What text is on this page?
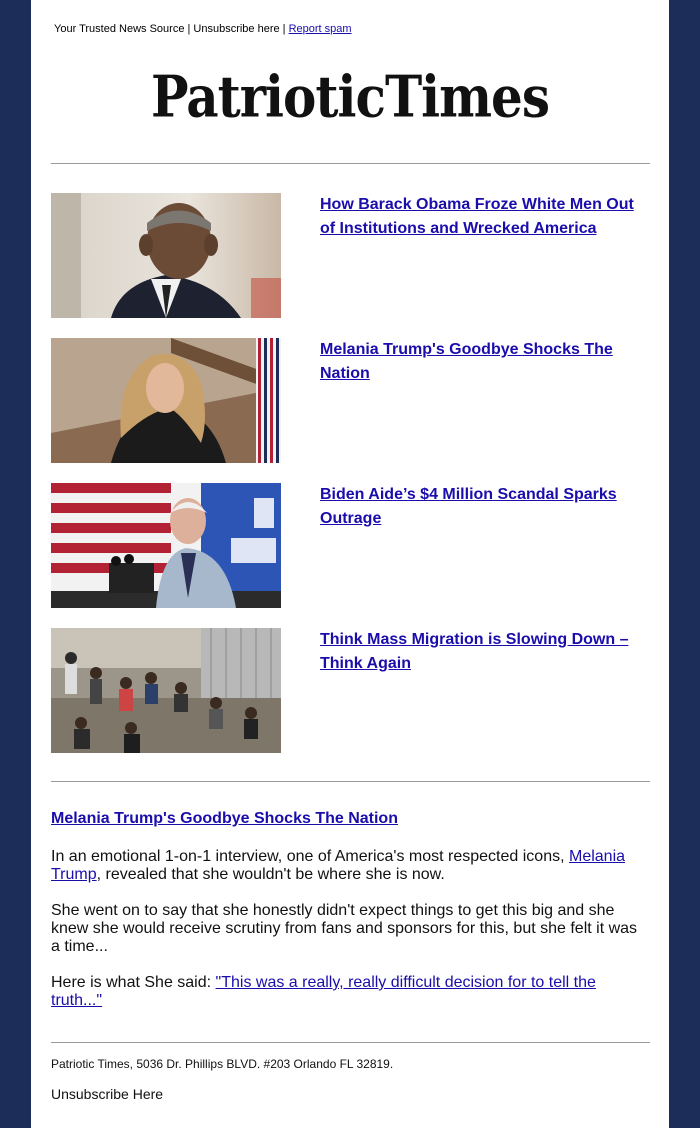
Your Trusted News Source | Unsubscribe here | Report spam
PatrioticTimes
How Barack Obama Froze White Men Out of Institutions and Wrecked America
Melania Trump's Goodbye Shocks The Nation
Biden Aide’s $4 Million Scandal Sparks Outrage
Think Mass Migration is Slowing Down – Think Again
Melania Trump's Goodbye Shocks The Nation

In an emotional 1-on-1 interview, one of America's most respected icons, Melania Trump, revealed that she wouldn't be where she is now.

She went on to say that she honestly didn't expect things to get this big and she knew she would receive scrutiny from fans and sponsors for this, but she felt it was a time...

Here is what She said: "This was a really, really difficult decision for to tell the truth..."

Patriotic Times, 5036 Dr. Phillips BLVD. #203 Orlando FL 32819.
Unsubscribe Here
